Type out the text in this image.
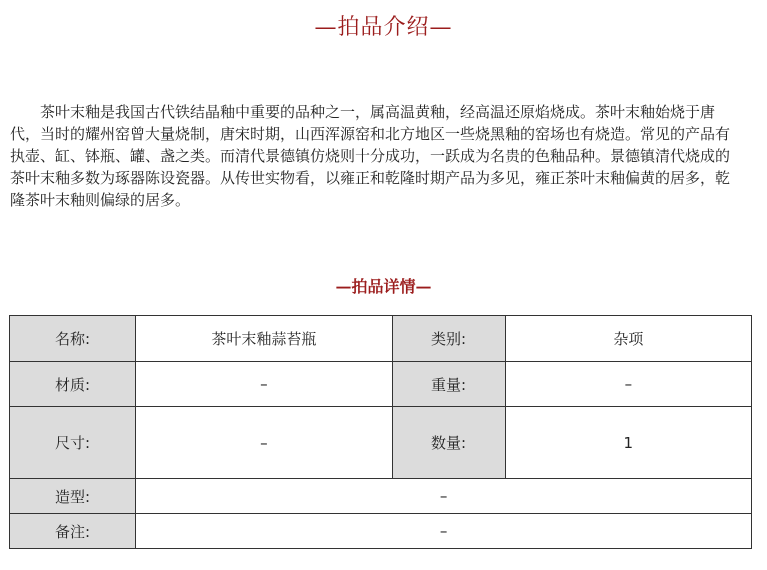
—拍品介绍—

茶叶末釉是我国古代铁结晶釉中重要的品种之一，属高温黄釉，经高温还原焰烧成。茶叶末釉始烧于唐代，当时的耀州窑曾大量烧制，唐宋时期，山西浑源窑和北方地区一些烧黑釉的窑场也有烧造。常见的产品有执壶、缸、钵瓶、罐、盏之类。而清代景德镇仿烧则十分成功，一跃成为名贵的色釉品种。景德镇清代烧成的茶叶末釉多数为琢器陈设瓷器。从传世实物看，以雍正和乾隆时期产品为多见，雍正茶叶末釉偏黄的居多，乾隆茶叶末釉则偏绿的居多。

—拍品详情—
名称:	茶叶末釉蒜苔瓶	类别:	杂项
材质:	–	重量:	–
尺寸:	–	数量:	1
造型:	–		
备注:	–		
